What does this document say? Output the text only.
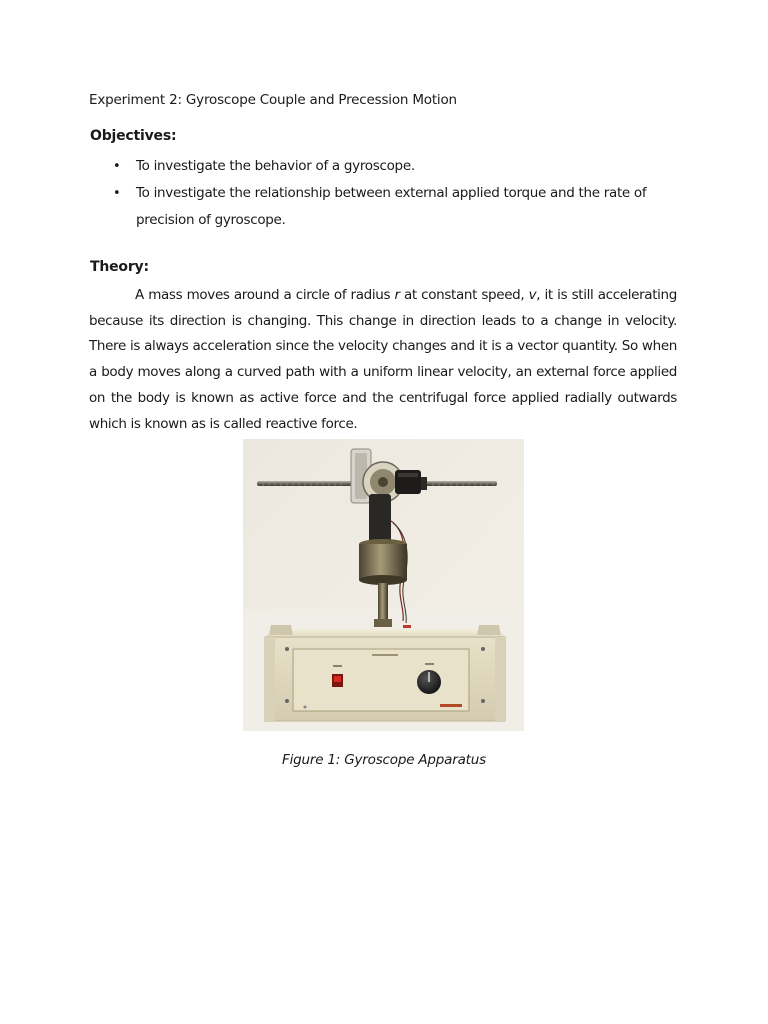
Experiment 2: Gyroscope Couple and Precession Motion
Objectives:
• To investigate the behavior of a gyroscope.
• To investigate the relationship between external applied torque and the rate of precision of gyroscope.
Theory:

A mass moves around a circle of radius r at constant speed, v, it is still accelerating because its direction is changing. This change in direction leads to a change in velocity. There is always acceleration since the velocity changes and it is a vector quantity. So when a body moves along a curved path with a uniform linear velocity, an external force applied on the body is known as active force and the centrifugal force applied radially outwards which is known as is called reactive force.

Figure 1: Gyroscope Apparatus
